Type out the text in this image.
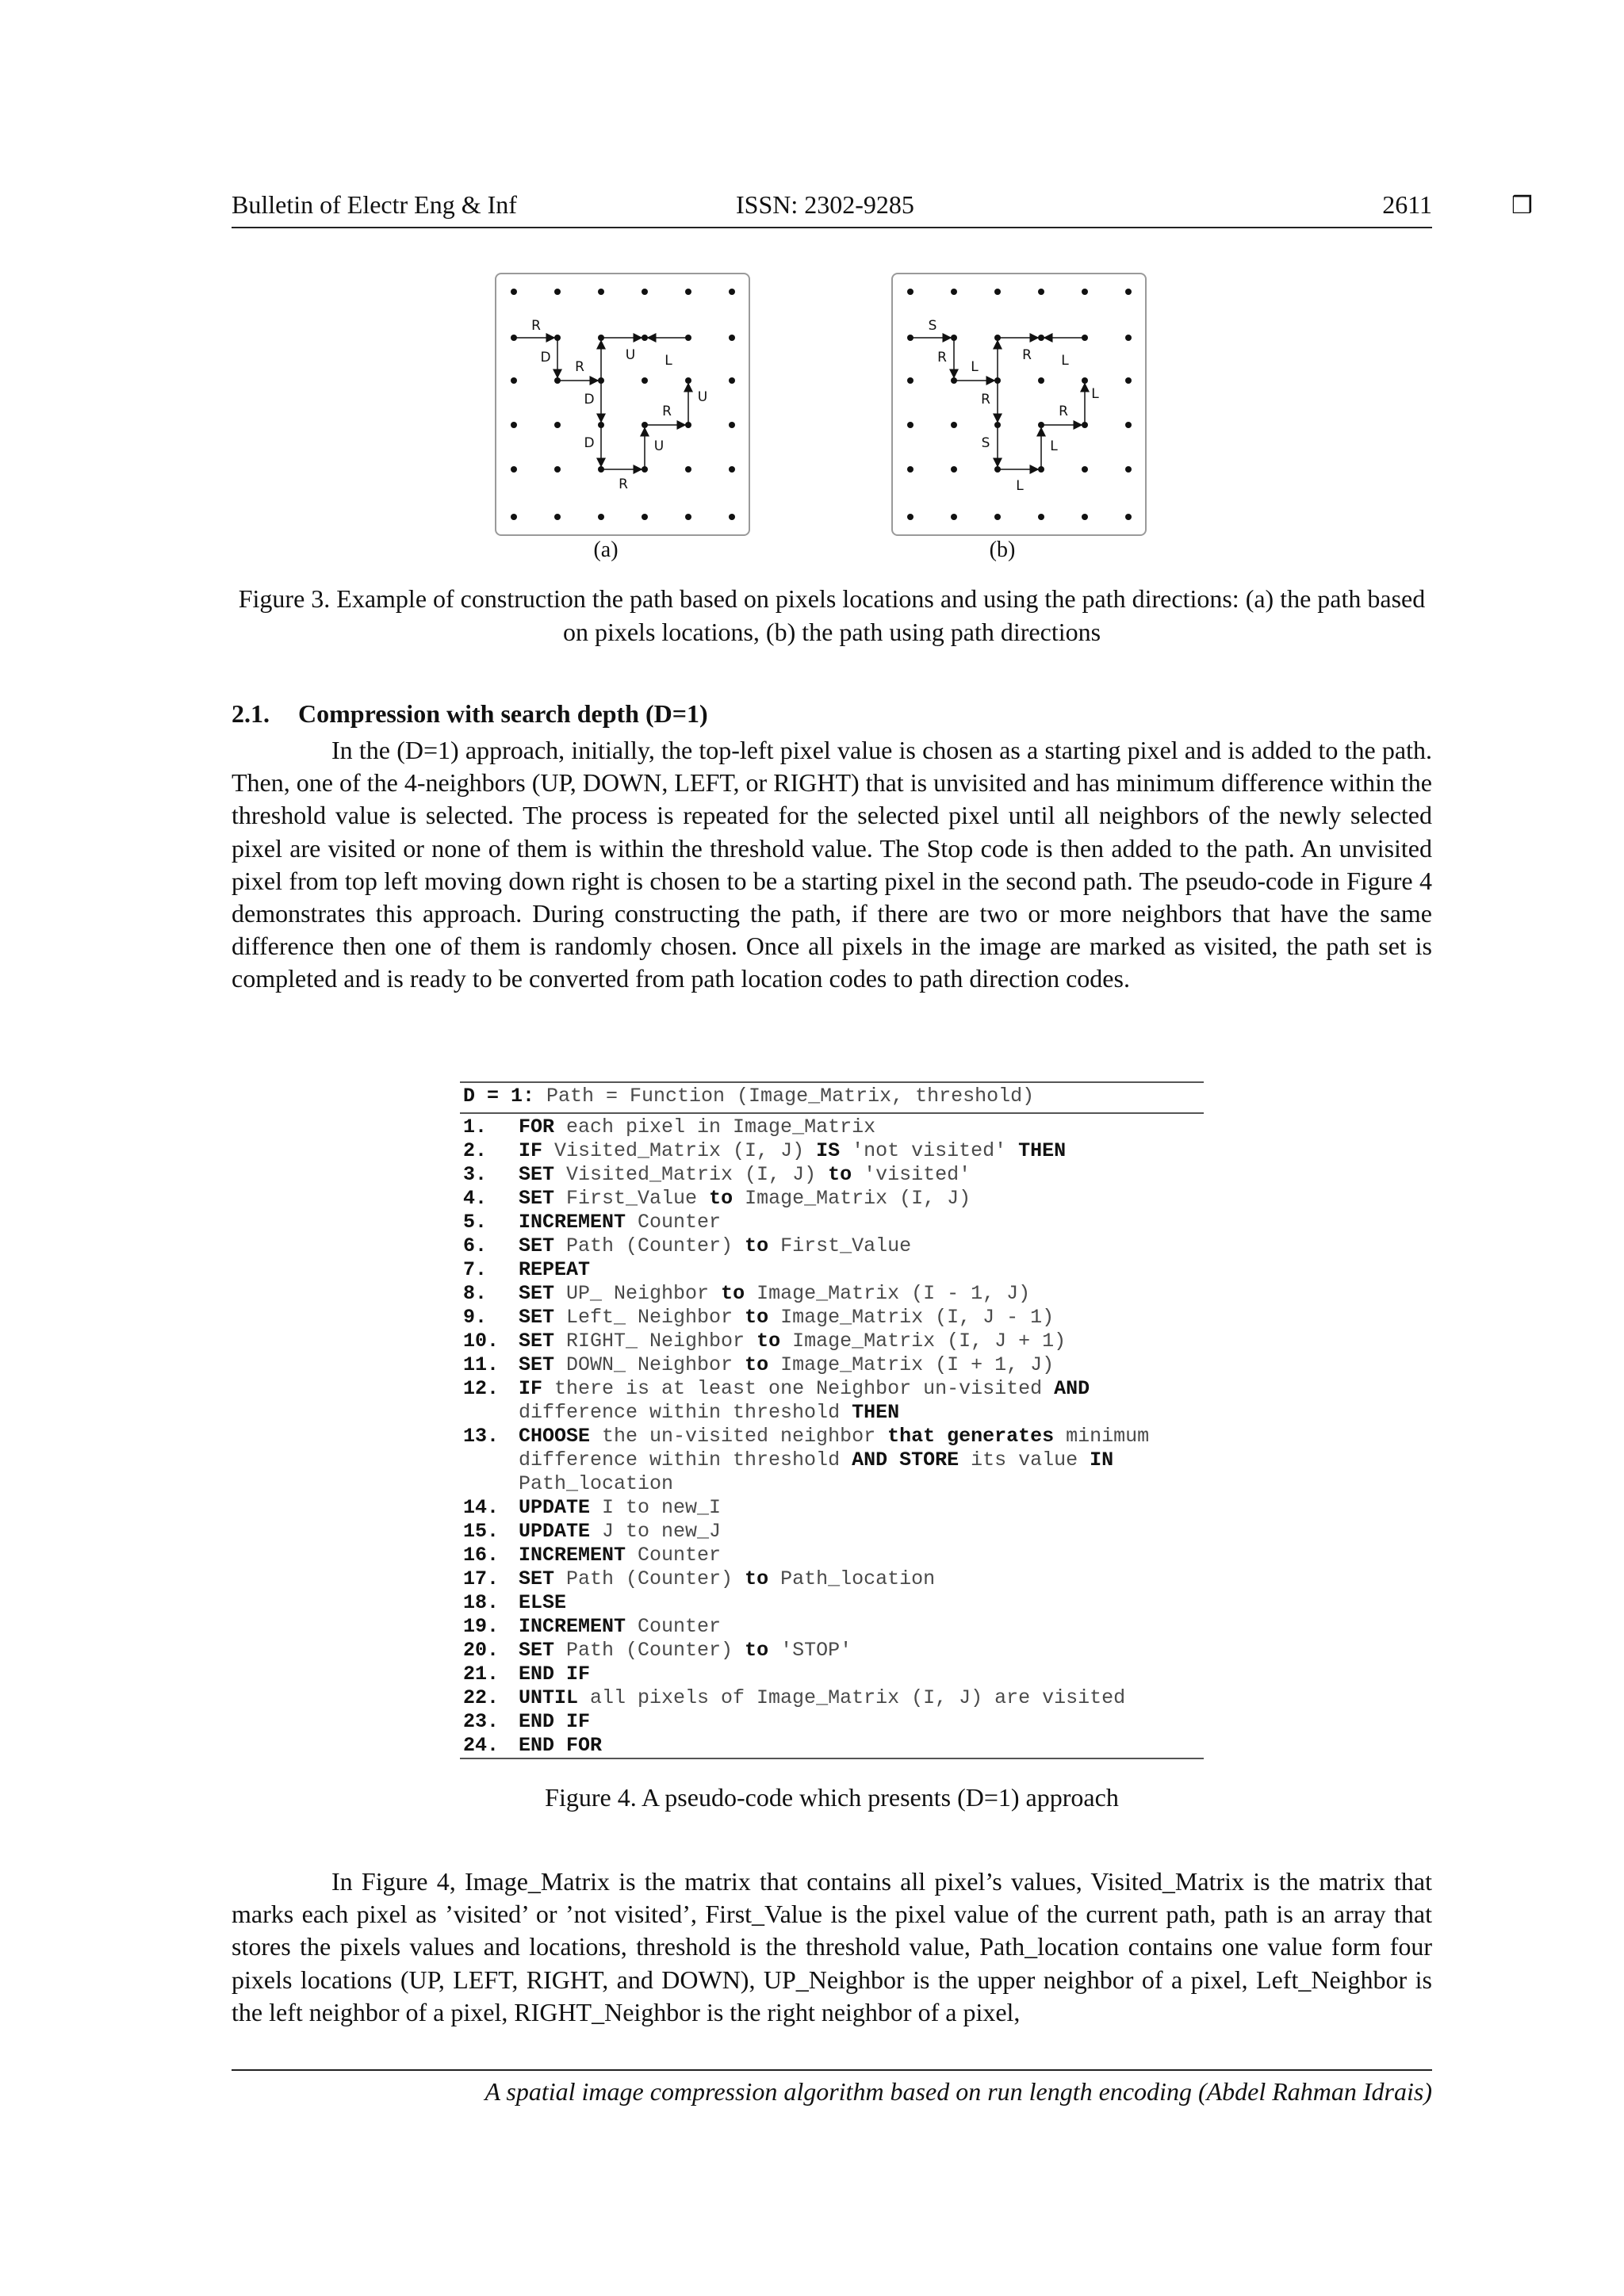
Bulletin of Electr Eng & Inf	ISSN: 2302-9285	❒
2611
R
D
R
U L
D
R
U
D	U
R
S
R
L
R L
R	L
R
S	L
L
(a)	(b)
Figure 3. Example of construction the path based on pixels locations and using the path directions: (a) the path based on pixels locations, (b) the path using path directions
2.1. Compression with search depth (D=1)

In the (D=1) approach, initially, the top-left pixel value is chosen as a starting pixel and is added to the path. Then, one of the 4-neighbors (UP, DOWN, LEFT, or RIGHT) that is unvisited and has minimum difference within the threshold value is selected. The process is repeated for the selected pixel until all neighbors of the newly selected pixel are visited or none of them is within the threshold value. The Stop code is then added to the path. An unvisited pixel from top left moving down right is chosen to be a starting pixel in the second path. The pseudo-code in Figure 4 demonstrates this approach. During constructing the path, if there are two or more neighbors that have the same difference then one of them is randomly chosen. Once all pixels in the image are marked as visited, the path set is completed and is ready to be converted from path location codes to path direction codes.

D = 1: Path = Function (Image_Matrix, threshold)
1. FOR each pixel in Image_Matrix
2. IF Visited_Matrix (I, J) IS 'not visited' THEN
3. SET Visited_Matrix (I, J) to 'visited'
4. SET First_Value to Image_Matrix (I, J)
5. INCREMENT Counter
6. SET Path (Counter) to First_Value
7. REPEAT
8. SET UP_ Neighbor to Image_Matrix (I - 1, J)
9. SET Left_ Neighbor to Image_Matrix (I, J - 1)
10. SET RIGHT_ Neighbor to Image_Matrix (I, J + 1)
11. SET DOWN_ Neighbor to Image_Matrix (I + 1, J)
12. IF there is at least one Neighbor un-visited AND
difference within threshold THEN
13. CHOOSE the un-visited neighbor that generates minimum
difference within threshold AND STORE its value IN
Path_location
14. UPDATE I to new_I
15. UPDATE J to new_J
16. INCREMENT Counter
17. SET Path (Counter) to Path_location
18. ELSE
19. INCREMENT Counter
20. SET Path (Counter) to 'STOP'
21. END IF
22. UNTIL all pixels of Image_Matrix (I, J) are visited
23. END IF
24. END FOR
Figure 4. A pseudo-code which presents (D=1) approach

In Figure 4, Image_Matrix is the matrix that contains all pixel’s values, Visited_Matrix is the matrix that marks each pixel as ’visited’ or ’not visited’, First_Value is the pixel value of the current path, path is an array that stores the pixels values and locations, threshold is the threshold value, Path_location contains one value form four pixels locations (UP, LEFT, RIGHT, and DOWN), UP_Neighbor is the upper neighbor of a pixel, Left_Neighbor is the left neighbor of a pixel, RIGHT_Neighbor is the right neighbor of a pixel,

A spatial image compression algorithm based on run length encoding (Abdel Rahman Idrais)
